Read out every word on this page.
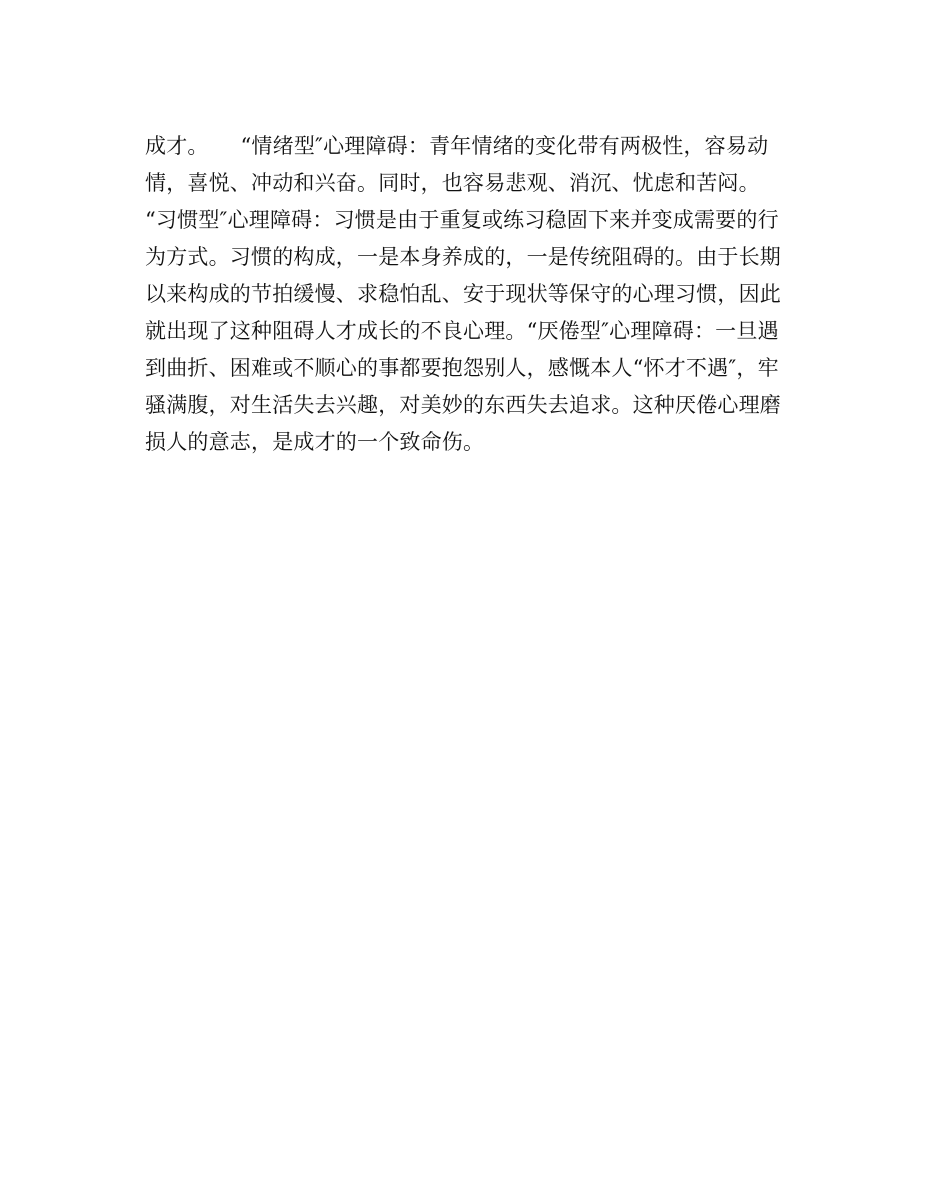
成才。　　“情绪型″心理障碍：青年情绪的变化带有两极性，容易动
情，喜悦、冲动和兴奋。同时，也容易悲观、消沉、忧虑和苦闷。
“习惯型″心理障碍：习惯是由于重复或练习稳固下来并变成需要的行
为方式。习惯的构成，一是本身养成的，一是传统阻碍的。由于长期
以来构成的节拍缓慢、求稳怕乱、安于现状等保守的心理习惯，因此
就出现了这种阻碍人才成长的不良心理。“厌倦型″心理障碍：一旦遇
到曲折、困难或不顺心的事都要抱怨别人，感慨本人“怀才不遇″，牢
骚满腹，对生活失去兴趣，对美妙的东西失去追求。这种厌倦心理磨
损人的意志，是成才的一个致命伤。
